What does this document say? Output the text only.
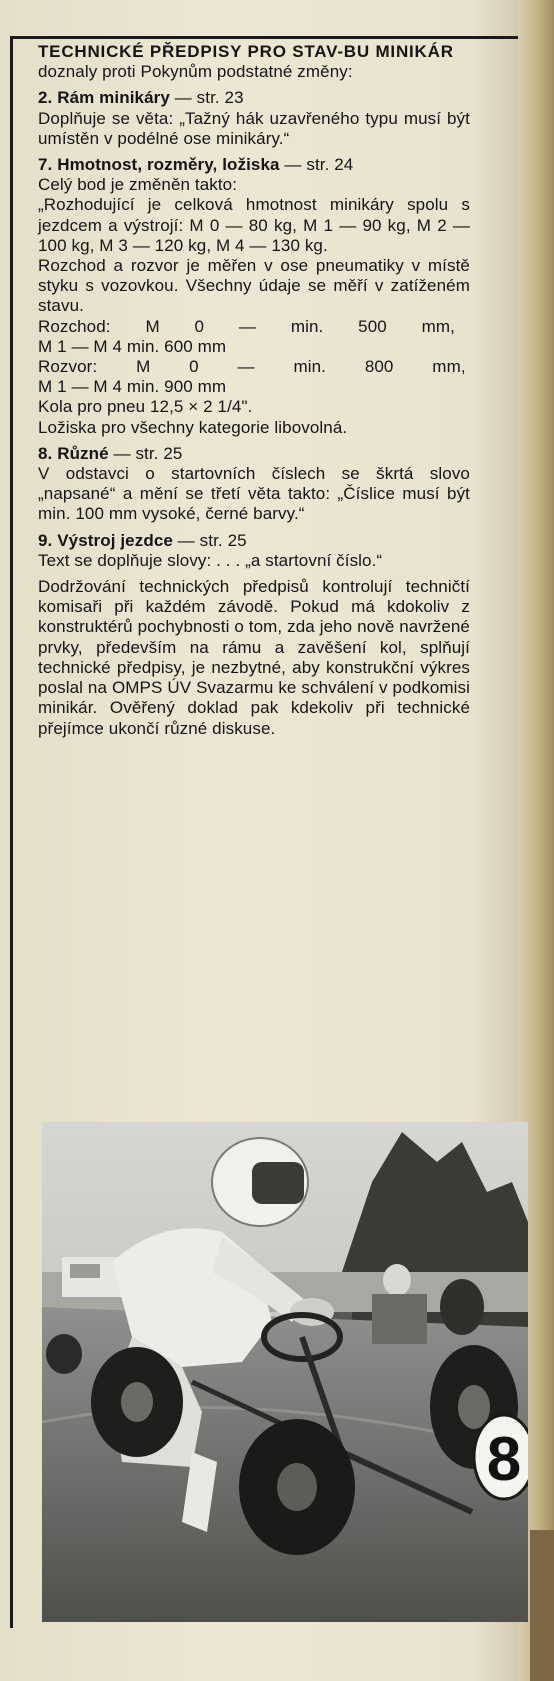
TECHNICKÉ PŘEDPISY PRO STAV-BU MINIKÁR doznaly proti Pokynům podstatné změny:

2. Rám minikáry — str. 23

Doplňuje se věta: „Tažný hák uzavřeného typu musí být umístěn v podélné ose minikáry.“

7. Hmotnost, rozměry, ložiska — str. 24

Celý bod je změněn takto:

„Rozhodující je celková hmotnost minikáry spolu s jezdcem a výstrojí: M 0 — 80 kg, M 1 — 90 kg, M 2 — 100 kg, M 3 — 120 kg, M 4 — 130 kg.

Rozchod a rozvor je měřen v ose pneumatiky v místě styku s vozovkou. Všechny údaje se měří v zatíženém stavu.

Rozchod: M 0 — min. 500 mm,

M 1 — M 4 min. 600 mm

Rozvor: M 0 — min. 800 mm,

M 1 — M 4 min. 900 mm

Kola pro pneu 12,5 × 2 1/4".

Ložiska pro všechny kategorie libovolná.

8. Různé — str. 25

V odstavci o startovních číslech se škrtá slovo „napsané“ a mění se třetí věta takto: „Číslice musí být min. 100 mm vysoké, černé barvy.“

9. Výstroj jezdce — str. 25

Text se doplňuje slovy: . . . „a startovní číslo.“

Dodržování technických předpisů kontrolují techničtí komisaři při každém závodě. Pokud má kdokoliv z konstruktérů pochybnosti o tom, zda jeho nově navržené prvky, především na rámu a zavěšení kol, splňují technické předpisy, je nezbytné, aby konstrukční výkres poslal na OMPS ÚV Svazarmu ke schválení v podkomisi minikár. Ověřený doklad pak kdekoliv při technické přejímce ukončí různé diskuse.

8
